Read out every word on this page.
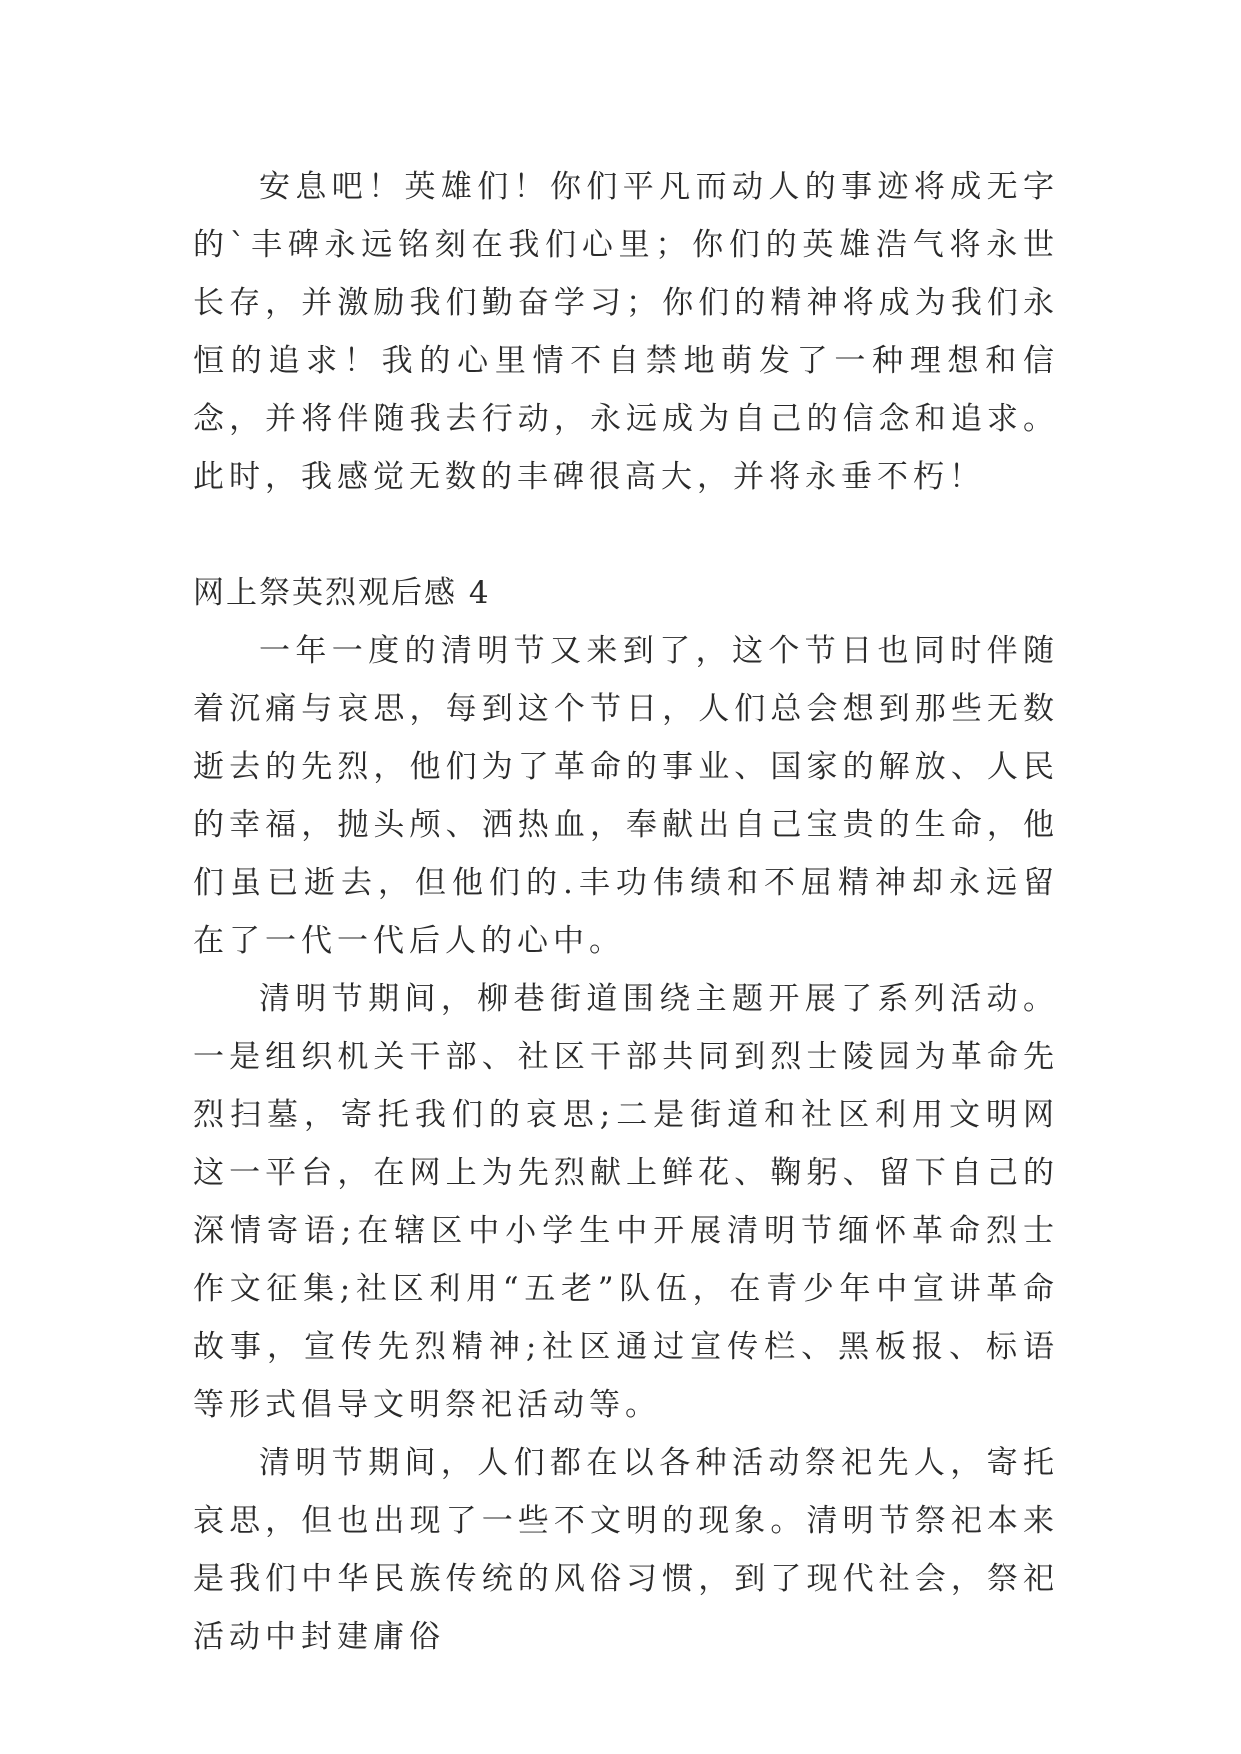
安息吧！英雄们！你们平凡而动人的事迹将成无字的`丰碑永远铭刻在我们心里；你们的英雄浩气将永世长存，并激励我们勤奋学习；你们的精神将成为我们永恒的追求！我的心里情不自禁地萌发了一种理想和信念，并将伴随我去行动，永远成为自己的信念和追求。此时，我感觉无数的丰碑很高大，并将永垂不朽！

网上祭英烈观后感 4

一年一度的清明节又来到了，这个节日也同时伴随着沉痛与哀思，每到这个节日，人们总会想到那些无数逝去的先烈，他们为了革命的事业、国家的解放、人民的幸福，抛头颅、洒热血，奉献出自己宝贵的生命，他们虽已逝去，但他们的.丰功伟绩和不屈精神却永远留在了一代一代后人的心中。

清明节期间，柳巷街道围绕主题开展了系列活动。一是组织机关干部、社区干部共同到烈士陵园为革命先烈扫墓，寄托我们的哀思;二是街道和社区利用文明网这一平台，在网上为先烈献上鲜花、鞠躬、留下自己的深情寄语;在辖区中小学生中开展清明节缅怀革命烈士作文征集;社区利用“五老”队伍，在青少年中宣讲革命故事，宣传先烈精神;社区通过宣传栏、黑板报、标语等形式倡导文明祭祀活动等。

清明节期间，人们都在以各种活动祭祀先人，寄托哀思，但也出现了一些不文明的现象。清明节祭祀本来是我们中华民族传统的风俗习惯，到了现代社会，祭祀活动中封建庸俗
